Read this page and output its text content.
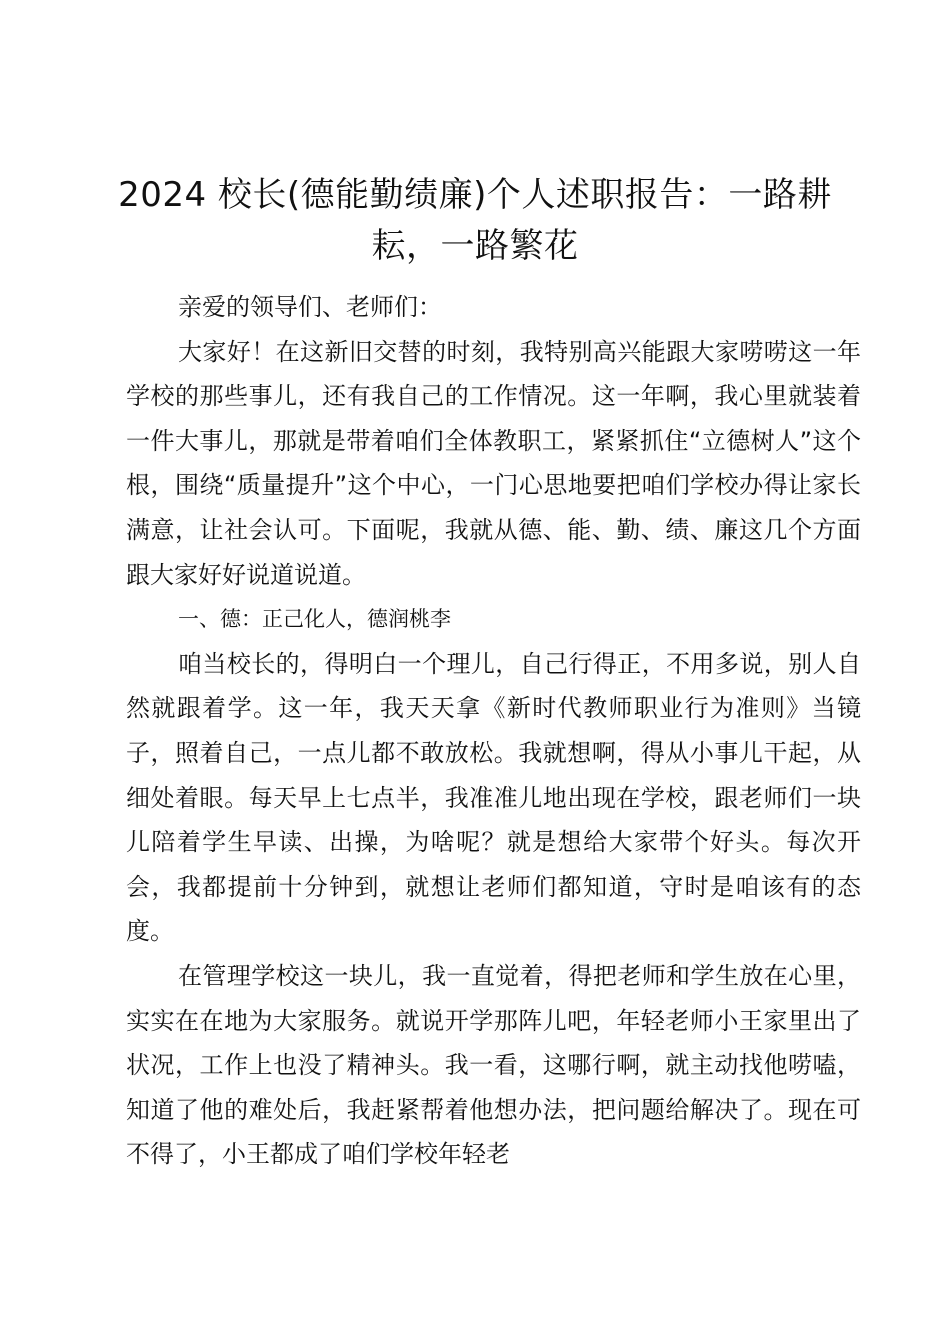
2024 校长(德能勤绩廉)个人述职报告：一路耕耘，一路繁花

亲爱的领导们、老师们：

大家好！在这新旧交替的时刻，我特别高兴能跟大家唠唠这一年学校的那些事儿，还有我自己的工作情况。这一年啊，我心里就装着一件大事儿，那就是带着咱们全体教职工，紧紧抓住“立德树人”这个根，围绕“质量提升”这个中心，一门心思地要把咱们学校办得让家长满意，让社会认可。下面呢，我就从德、能、勤、绩、廉这几个方面跟大家好好说道说道。

一、德：正己化人，德润桃李

咱当校长的，得明白一个理儿，自己行得正，不用多说，别人自然就跟着学。这一年，我天天拿《新时代教师职业行为准则》当镜子，照着自己，一点儿都不敢放松。我就想啊，得从小事儿干起，从细处着眼。每天早上七点半，我准准儿地出现在学校，跟老师们一块儿陪着学生早读、出操，为啥呢？就是想给大家带个好头。每次开会，我都提前十分钟到，就想让老师们都知道，守时是咱该有的态度。

在管理学校这一块儿，我一直觉着，得把老师和学生放在心里，实实在在地为大家服务。就说开学那阵儿吧，年轻老师小王家里出了状况，工作上也没了精神头。我一看，这哪行啊，就主动找他唠嗑，知道了他的难处后，我赶紧帮着他想办法，把问题给解决了。现在可不得了，小王都成了咱们学校年轻老
